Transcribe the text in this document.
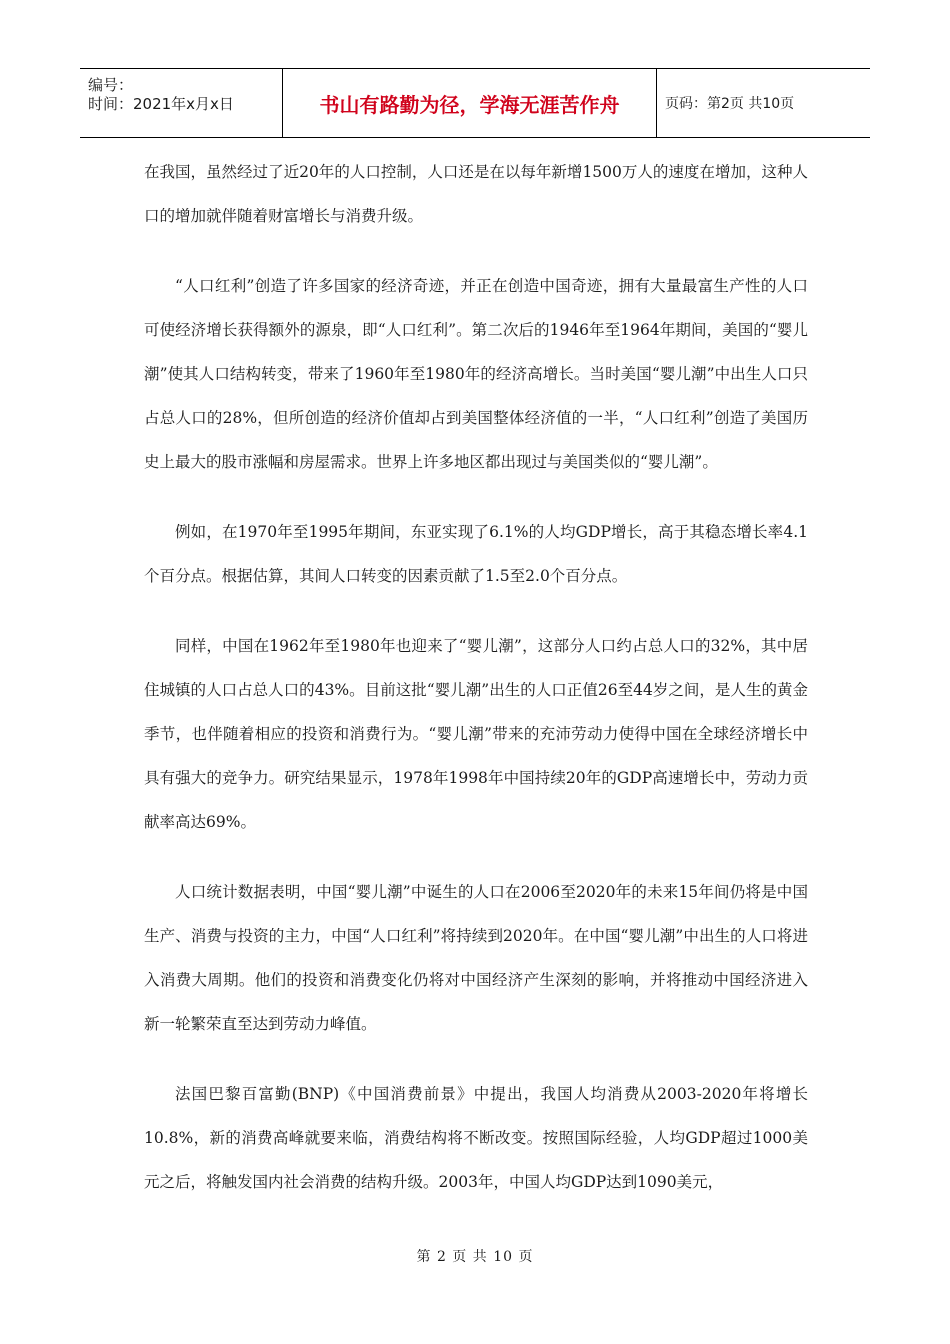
编号：
时间：2021年x月x日	书山有路勤为径，学海无涯苦作舟	页码：第2页 共10页

在我国，虽然经过了近20年的人口控制，人口还是在以每年新增1500万人的速度在增加，这种人口的增加就伴随着财富增长与消费升级。

“人口红利”创造了许多国家的经济奇迹，并正在创造中国奇迹，拥有大量最富生产性的人口可使经济增长获得额外的源泉，即“人口红利”。第二次后的1946年至1964年期间，美国的“婴儿潮”使其人口结构转变，带来了1960年至1980年的经济高增长。当时美国“婴儿潮”中出生人口只占总人口的28%，但所创造的经济价值却占到美国整体经济值的一半，“人口红利”创造了美国历史上最大的股市涨幅和房屋需求。世界上许多地区都出现过与美国类似的“婴儿潮”。

例如，在1970年至1995年期间，东亚实现了6.1%的人均GDP增长，高于其稳态增长率4.1个百分点。根据估算，其间人口转变的因素贡献了1.5至2.0个百分点。

同样，中国在1962年至1980年也迎来了“婴儿潮”，这部分人口约占总人口的32%，其中居住城镇的人口占总人口的43%。目前这批“婴儿潮”出生的人口正值26至44岁之间，是人生的黄金季节，也伴随着相应的投资和消费行为。“婴儿潮”带来的充沛劳动力使得中国在全球经济增长中具有强大的竞争力。研究结果显示，1978年1998年中国持续20年的GDP高速增长中，劳动力贡献率高达69%。

人口统计数据表明，中国“婴儿潮”中诞生的人口在2006至2020年的未来15年间仍将是中国生产、消费与投资的主力，中国“人口红利”将持续到2020年。在中国“婴儿潮”中出生的人口将进入消费大周期。他们的投资和消费变化仍将对中国经济产生深刻的影响，并将推动中国经济进入新一轮繁荣直至达到劳动力峰值。

法国巴黎百富勤(BNP)《中国消费前景》中提出，我国人均消费从2003-2020年将增长10.8%，新的消费高峰就要来临，消费结构将不断改变。按照国际经验，人均GDP超过1000美元之后，将触发国内社会消费的结构升级。2003年，中国人均GDP达到1090美元，

第 2 页 共 10 页
